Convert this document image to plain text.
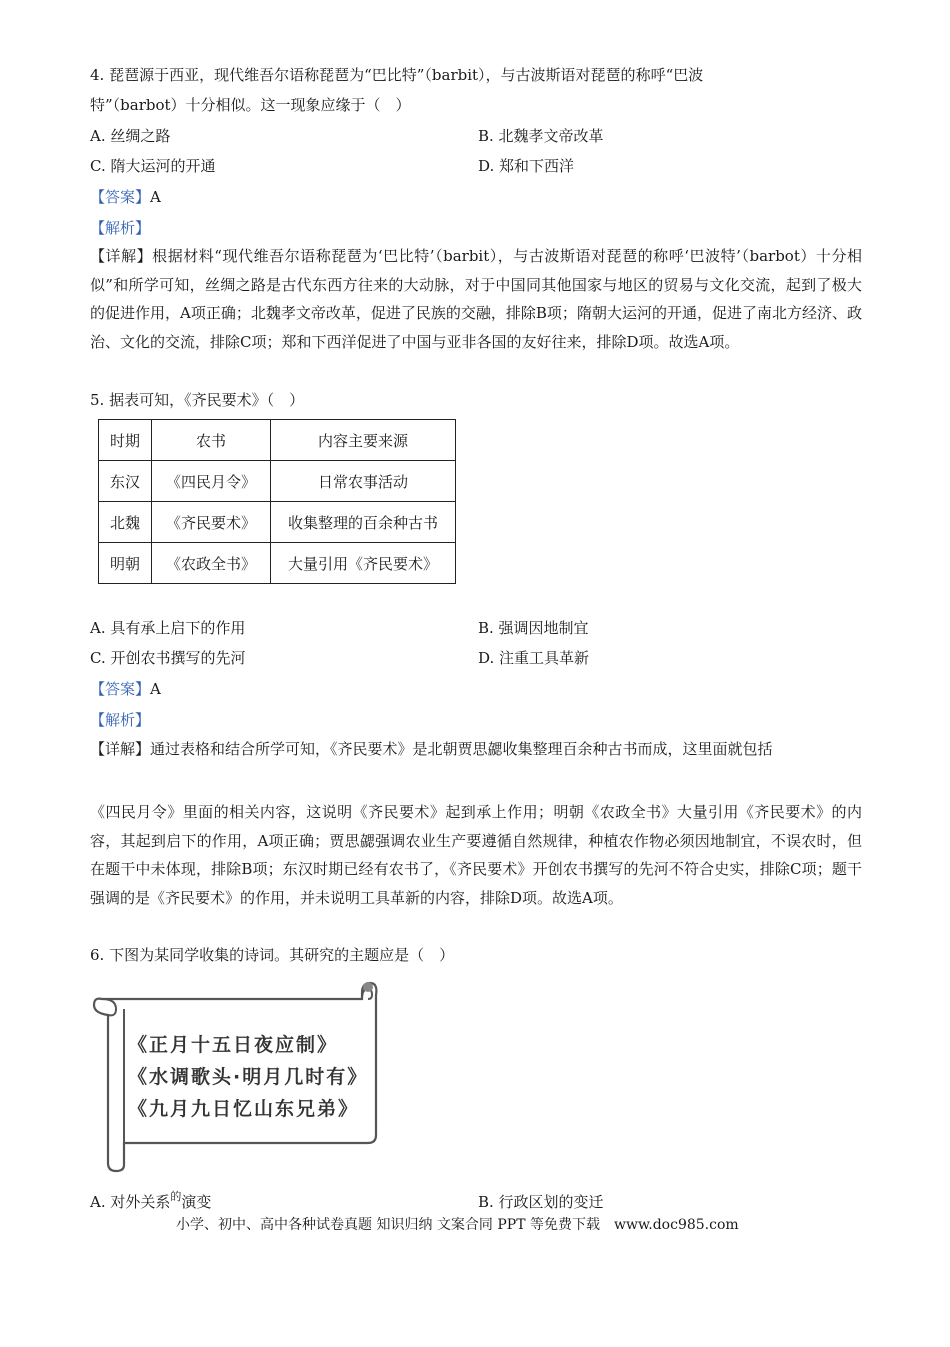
4. 琵琶源于西亚，现代维吾尔语称琵琶为“巴比特”（barbit），与古波斯语对琵琶的称呼“巴波
特”（barbot）十分相似。这一现象应缘于（　）
A. 丝绸之路	B. 北魏孝文帝改革
C. 隋大运河的开通	D. 郑和下西洋
【答案】A
【解析】
【详解】根据材料“现代维吾尔语称琵琶为‘巴比特’（barbit），与古波斯语对琵琶的称呼‘巴波特’（barbot）十分相似”和所学可知，丝绸之路是古代东西方往来的大动脉，对于中国同其他国家与地区的贸易与文化交流，起到了极大的促进作用，A项正确；北魏孝文帝改革，促进了民族的交融，排除B项；隋朝大运河的开通，促进了南北方经济、政治、文化的交流，排除C项；郑和下西洋促进了中国与亚非各国的友好往来，排除D项。故选A项。
5. 据表可知，《齐民要术》（　）
时期	农书	内容主要来源
东汉	《四民月令》	日常农事活动
北魏	《齐民要术》	收集整理的百余种古书
明朝	《农政全书》	大量引用《齐民要术》
A. 具有承上启下的作用	B. 强调因地制宜
C. 开创农书撰写的先河	D. 注重工具革新
【答案】A
【解析】
【详解】通过表格和结合所学可知，《齐民要术》是北朝贾思勰收集整理百余种古书而成，这里面就包括
《四民月令》里面的相关内容，这说明《齐民要术》起到承上作用；明朝《农政全书》大量引用《齐民要术》的内容，其起到启下的作用，A项正确；贾思勰强调农业生产要遵循自然规律，种植农作物必须因地制宜，不误农时，但在题干中未体现，排除B项；东汉时期已经有农书了，《齐民要术》开创农书撰写的先河不符合史实，排除C项；题干强调的是《齐民要术》的作用，并未说明工具革新的内容，排除D项。故选A项。
6. 下图为某同学收集的诗词。其研究的主题应是（　）
《正月十五日夜应制》
《水调歌头·明月几时有》
《九月九日忆山东兄弟》
A. 对外关系$^的$演变	B. 行政区划的变迁
小学、初中、高中各种试卷真题 知识归纳 文案合同 PPT 等免费下载　www.doc985.com
